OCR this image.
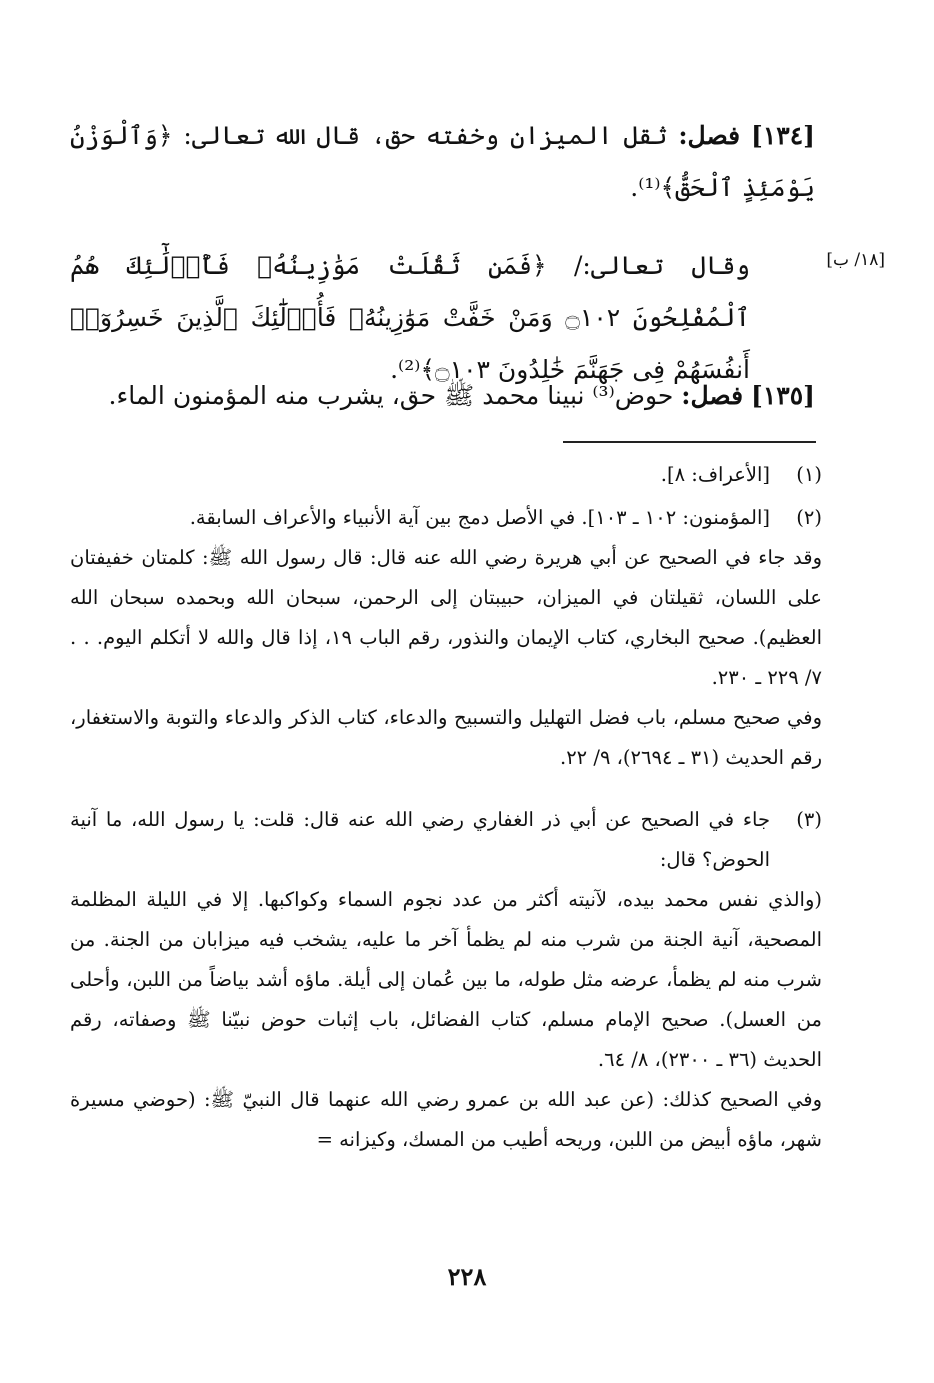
[١٣٤] فصل: ثقل الميزان وخفته حق، قال الله تعالى: ﴿وَٱلْوَزْنُ يَوْمَئِذٍ ٱلْحَقُّ﴾⁽¹⁾.

[١٨/ ب]

وقال تعالى:/ ﴿فَمَن ثَقُلَتْ مَوَٰزِينُهُۥ فَأُو۟لَٰٓئِكَ هُمُ ٱلْمُفْلِحُونَ ۝١٠٢ وَمَنْ خَفَّتْ مَوَٰزِينُهُۥ فَأُو۟لَٰٓئِكَ ٱلَّذِينَ خَسِرُوٓا۟ أَنفُسَهُمْ فِى جَهَنَّمَ خَٰلِدُونَ ۝١٠٣﴾⁽²⁾.

[١٣٥] فصل: حوض⁽³⁾ نبينا محمد ﷺ حق، يشرب منه المؤمنون الماء.

(١)
[الأعراف: ٨].
(٢)
[المؤمنون: ١٠٢ ـ ١٠٣]. في الأصل دمج بين آية الأنبياء والأعراف السابقة.
وقد جاء في الصحيح عن أبي هريرة رضي الله عنه قال: قال رسول الله ﷺ: كلمتان خفيفتان على اللسان، ثقيلتان في الميزان، حبيبتان إلى الرحمن، سبحان الله وبحمده سبحان الله العظيم). صحيح البخاري، كتاب الإيمان والنذور، رقم الباب ١٩، إذا قال والله لا أتكلم اليوم. . . ٧/ ٢٢٩ ـ ٢٣٠.
وفي صحيح مسلم، باب فضل التهليل والتسبيح والدعاء، كتاب الذكر والدعاء والتوبة والاستغفار، رقم الحديث (٣١ ـ ٢٦٩٤)، ٩/ ٢٢.
(٣)
جاء في الصحيح عن أبي ذر الغفاري رضي الله عنه قال: قلت: يا رسول الله، ما آنية الحوض؟ قال:
(والذي نفس محمد بيده، لآنيته أكثر من عدد نجوم السماء وكواكبها. إلا في الليلة المظلمة المصحية، آنية الجنة من شرب منه لم يظمأ آخر ما عليه، يشخب فيه ميزابان من الجنة. من شرب منه لم يظمأ، عرضه مثل طوله، ما بين عُمان إلى أيلة. ماؤه أشد بياضاً من اللبن، وأحلى من العسل). صحيح الإمام مسلم، كتاب الفضائل، باب إثبات حوض نبيّنا ﷺ وصفاته، رقم الحديث (٣٦ ـ ٢٣٠٠)، ٨/ ٦٤.
وفي الصحيح كذلك: (عن عبد الله بن عمرو رضي الله عنهما قال النبيّ ﷺ: (حوضي مسيرة شهر، ماؤه أبيض من اللبن، وريحه أطيب من المسك، وكيزانه =
٢٢٨
